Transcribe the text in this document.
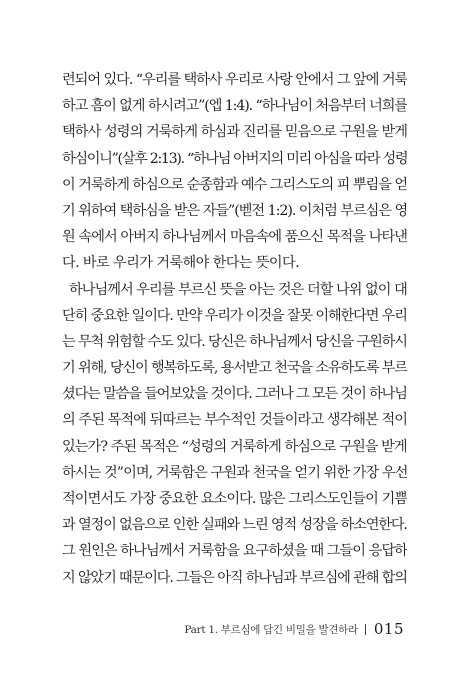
련되어 있다. “우리를 택하사 우리로 사랑 안에서 그 앞에 거룩
하고 흠이 없게 하시려고”(엡 1:4). “하나님이 처음부터 너희를
택하사 성령의 거룩하게 하심과 진리를 믿음으로 구원을 받게
하심이니”(살후 2:13). “하나님 아버지의 미리 아심을 따라 성령
이 거룩하게 하심으로 순종함과 예수 그리스도의 피 뿌림을 얻
기 위하여 택하심을 받은 자들”(벧전 1:2). 이처럼 부르심은 영
원 속에서 아버지 하나님께서 마음속에 품으신 목적을 나타낸
다. 바로 우리가 거룩해야 한다는 뜻이다.
하나님께서 우리를 부르신 뜻을 아는 것은 더할 나위 없이 대
단히 중요한 일이다. 만약 우리가 이것을 잘못 이해한다면 우리
는 무척 위험할 수도 있다. 당신은 하나님께서 당신을 구원하시
기 위해, 당신이 행복하도록, 용서받고 천국을 소유하도록 부르
셨다는 말씀을 들어보았을 것이다. 그러나 그 모든 것이 하나님
의 주된 목적에 뒤따르는 부수적인 것들이라고 생각해본 적이
있는가? 주된 목적은 “성령의 거룩하게 하심으로 구원을 받게
하시는 것”이며, 거룩함은 구원과 천국을 얻기 위한 가장 우선
적이면서도 가장 중요한 요소이다. 많은 그리스도인들이 기쁨
과 열정이 없음으로 인한 실패와 느린 영적 성장을 하소연한다.
그 원인은 하나님께서 거룩함을 요구하셨을 때 그들이 응답하
지 않았기 때문이다. 그들은 아직 하나님과 부르심에 관해 합의
Part 1. 부르심에 담긴 비밀을 발견하라 015
